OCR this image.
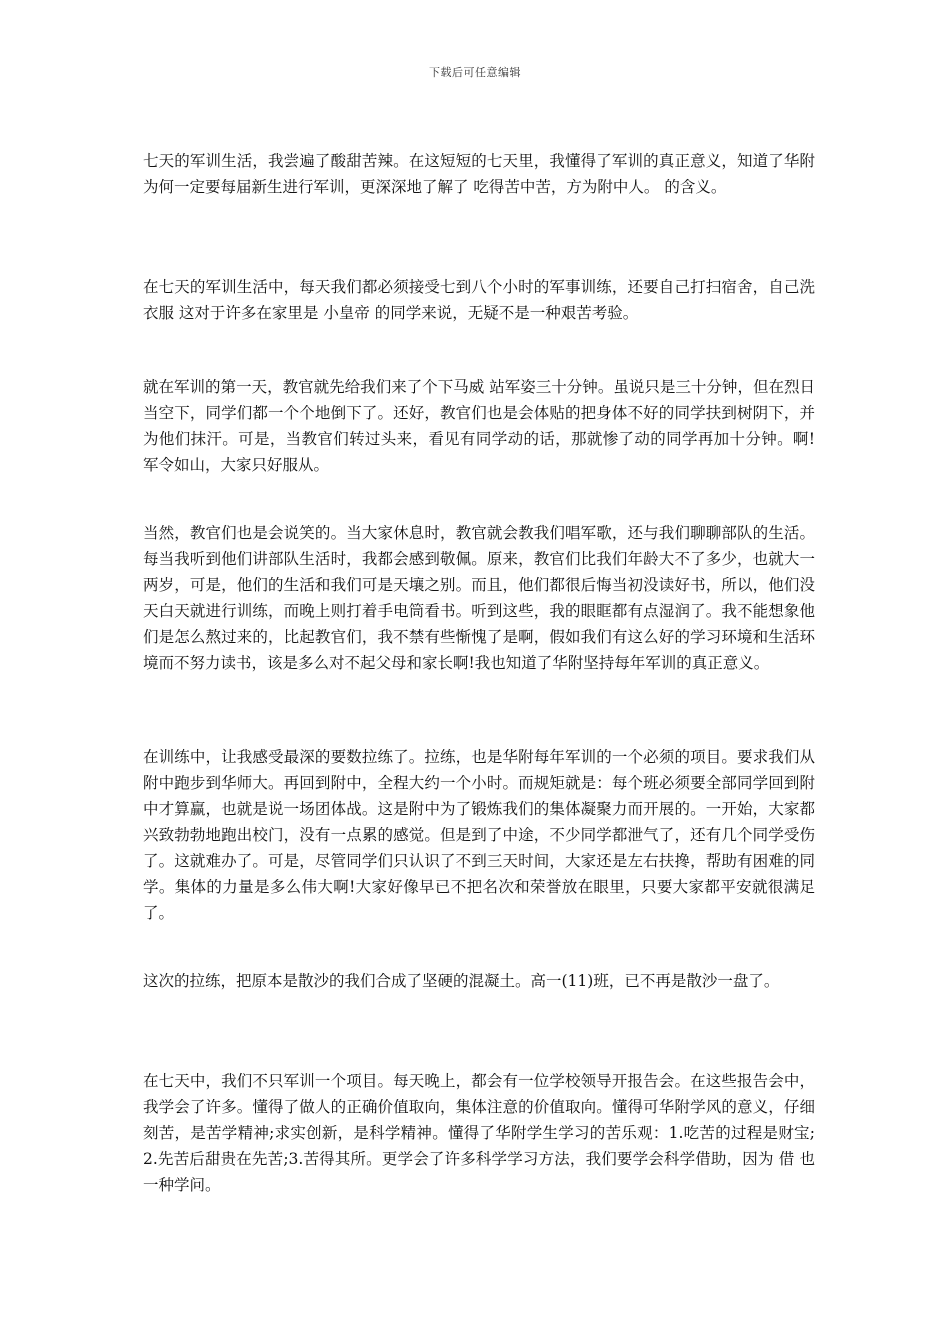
下载后可任意编辑

七天的军训生活，我尝遍了酸甜苦辣。在这短短的七天里，我懂得了军训的真正意义，知道了华附为何一定要每届新生进行军训，更深深地了解了 吃得苦中苦，方为附中人。 的含义。

在七天的军训生活中，每天我们都必须接受七到八个小时的军事训练，还要自己打扫宿舍，自己洗衣服 这对于许多在家里是 小皇帝 的同学来说，无疑不是一种艰苦考验。

就在军训的第一天，教官就先给我们来了个下马威 站军姿三十分钟。虽说只是三十分钟，但在烈日当空下，同学们都一个个地倒下了。还好，教官们也是会体贴的把身体不好的同学扶到树阴下，并为他们抹汗。可是，当教官们转过头来，看见有同学动的话，那就惨了动的同学再加十分钟。啊!军令如山，大家只好服从。

当然，教官们也是会说笑的。当大家休息时，教官就会教我们唱军歌，还与我们聊聊部队的生活。每当我听到他们讲部队生活时，我都会感到敬佩。原来，教官们比我们年龄大不了多少，也就大一两岁，可是，他们的生活和我们可是天壤之别。而且，他们都很后悔当初没读好书，所以，他们没天白天就进行训练，而晚上则打着手电筒看书。听到这些，我的眼眶都有点湿润了。我不能想象他们是怎么熬过来的，比起教官们，我不禁有些惭愧了是啊，假如我们有这么好的学习环境和生活环境而不努力读书，该是多么对不起父母和家长啊!我也知道了华附坚持每年军训的真正意义。

在训练中，让我感受最深的要数拉练了。拉练，也是华附每年军训的一个必须的项目。要求我们从附中跑步到华师大。再回到附中，全程大约一个小时。而规矩就是：每个班必须要全部同学回到附中才算赢，也就是说一场团体战。这是附中为了锻炼我们的集体凝聚力而开展的。一开始，大家都兴致勃勃地跑出校门，没有一点累的感觉。但是到了中途，不少同学都泄气了，还有几个同学受伤了。这就难办了。可是，尽管同学们只认识了不到三天时间，大家还是左右扶搀，帮助有困难的同学。集体的力量是多么伟大啊!大家好像早已不把名次和荣誉放在眼里，只要大家都平安就很满足了。

这次的拉练，把原本是散沙的我们合成了坚硬的混凝土。高一(11)班，已不再是散沙一盘了。

在七天中，我们不只军训一个项目。每天晚上，都会有一位学校领导开报告会。在这些报告会中，我学会了许多。懂得了做人的正确价值取向，集体注意的价值取向。懂得可华附学风的意义，仔细刻苦，是苦学精神;求实创新，是科学精神。懂得了华附学生学习的苦乐观：1.吃苦的过程是财宝;2.先苦后甜贵在先苦;3.苦得其所。更学会了许多科学学习方法，我们要学会科学借助，因为 借 也一种学问。
